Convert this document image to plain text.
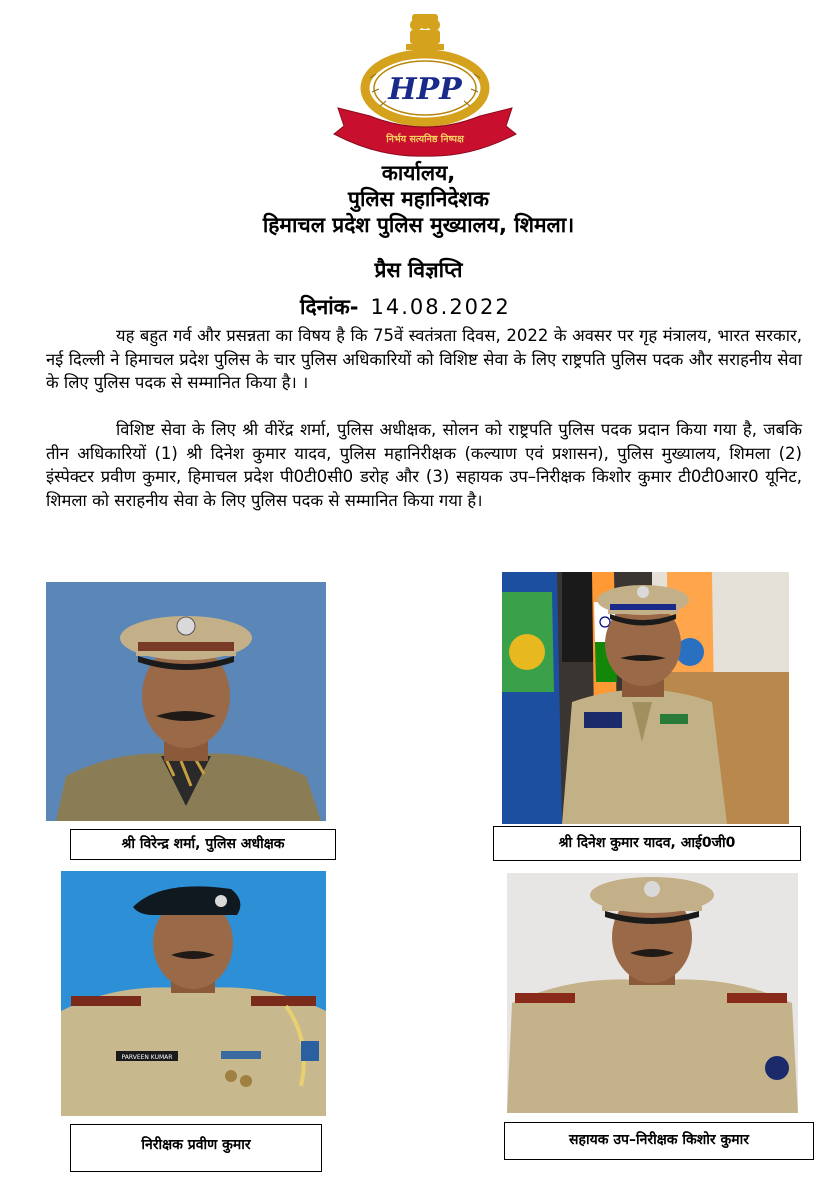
HPP
निर्भय सत्यनिष्ठ निष्पक्ष
कार्यालय,
पुलिस महानिदेशक
हिमाचल प्रदेश पुलिस मुख्यालय, शिमला।
प्रैस विज्ञप्ति
दिनांक- 14.08.2022
यह बहुत गर्व और प्रसन्नता का विषय है कि 75वें स्वतंत्रता दिवस, 2022 के अवसर पर गृह मंत्रालय, भारत सरकार, नई दिल्ली ने हिमाचल प्रदेश पुलिस के चार पुलिस अधिकारियों को विशिष्ट सेवा के लिए राष्ट्रपति पुलिस पदक और सराहनीय सेवा के लिए पुलिस पदक से सम्मानित किया है। ।
विशिष्ट सेवा के लिए श्री वीरेंद्र शर्मा, पुलिस अधीक्षक, सोलन को राष्ट्रपति पुलिस पदक प्रदान किया गया है, जबकि तीन अधिकारियों (1) श्री दिनेश कुमार यादव, पुलिस महानिरीक्षक (कल्याण एवं प्रशासन), पुलिस मुख्यालय, शिमला (2) इंस्पेक्टर प्रवीण कुमार, हिमाचल प्रदेश पी0टी0सी0 डरोह और (3) सहायक उप–निरीक्षक किशोर कुमार टी0टी0आर0 यूनिट, शिमला को सराहनीय सेवा के लिए पुलिस पदक से सम्मानित किया गया है।
श्री विरेन्द्र शर्मा, पुलिस अधीक्षक	श्री दिनेश कुमार यादव, आई0जी0
PARVEEN KUMAR
निरीक्षक प्रवीण कुमार	सहायक उप–निरीक्षक किशोर कुमार
